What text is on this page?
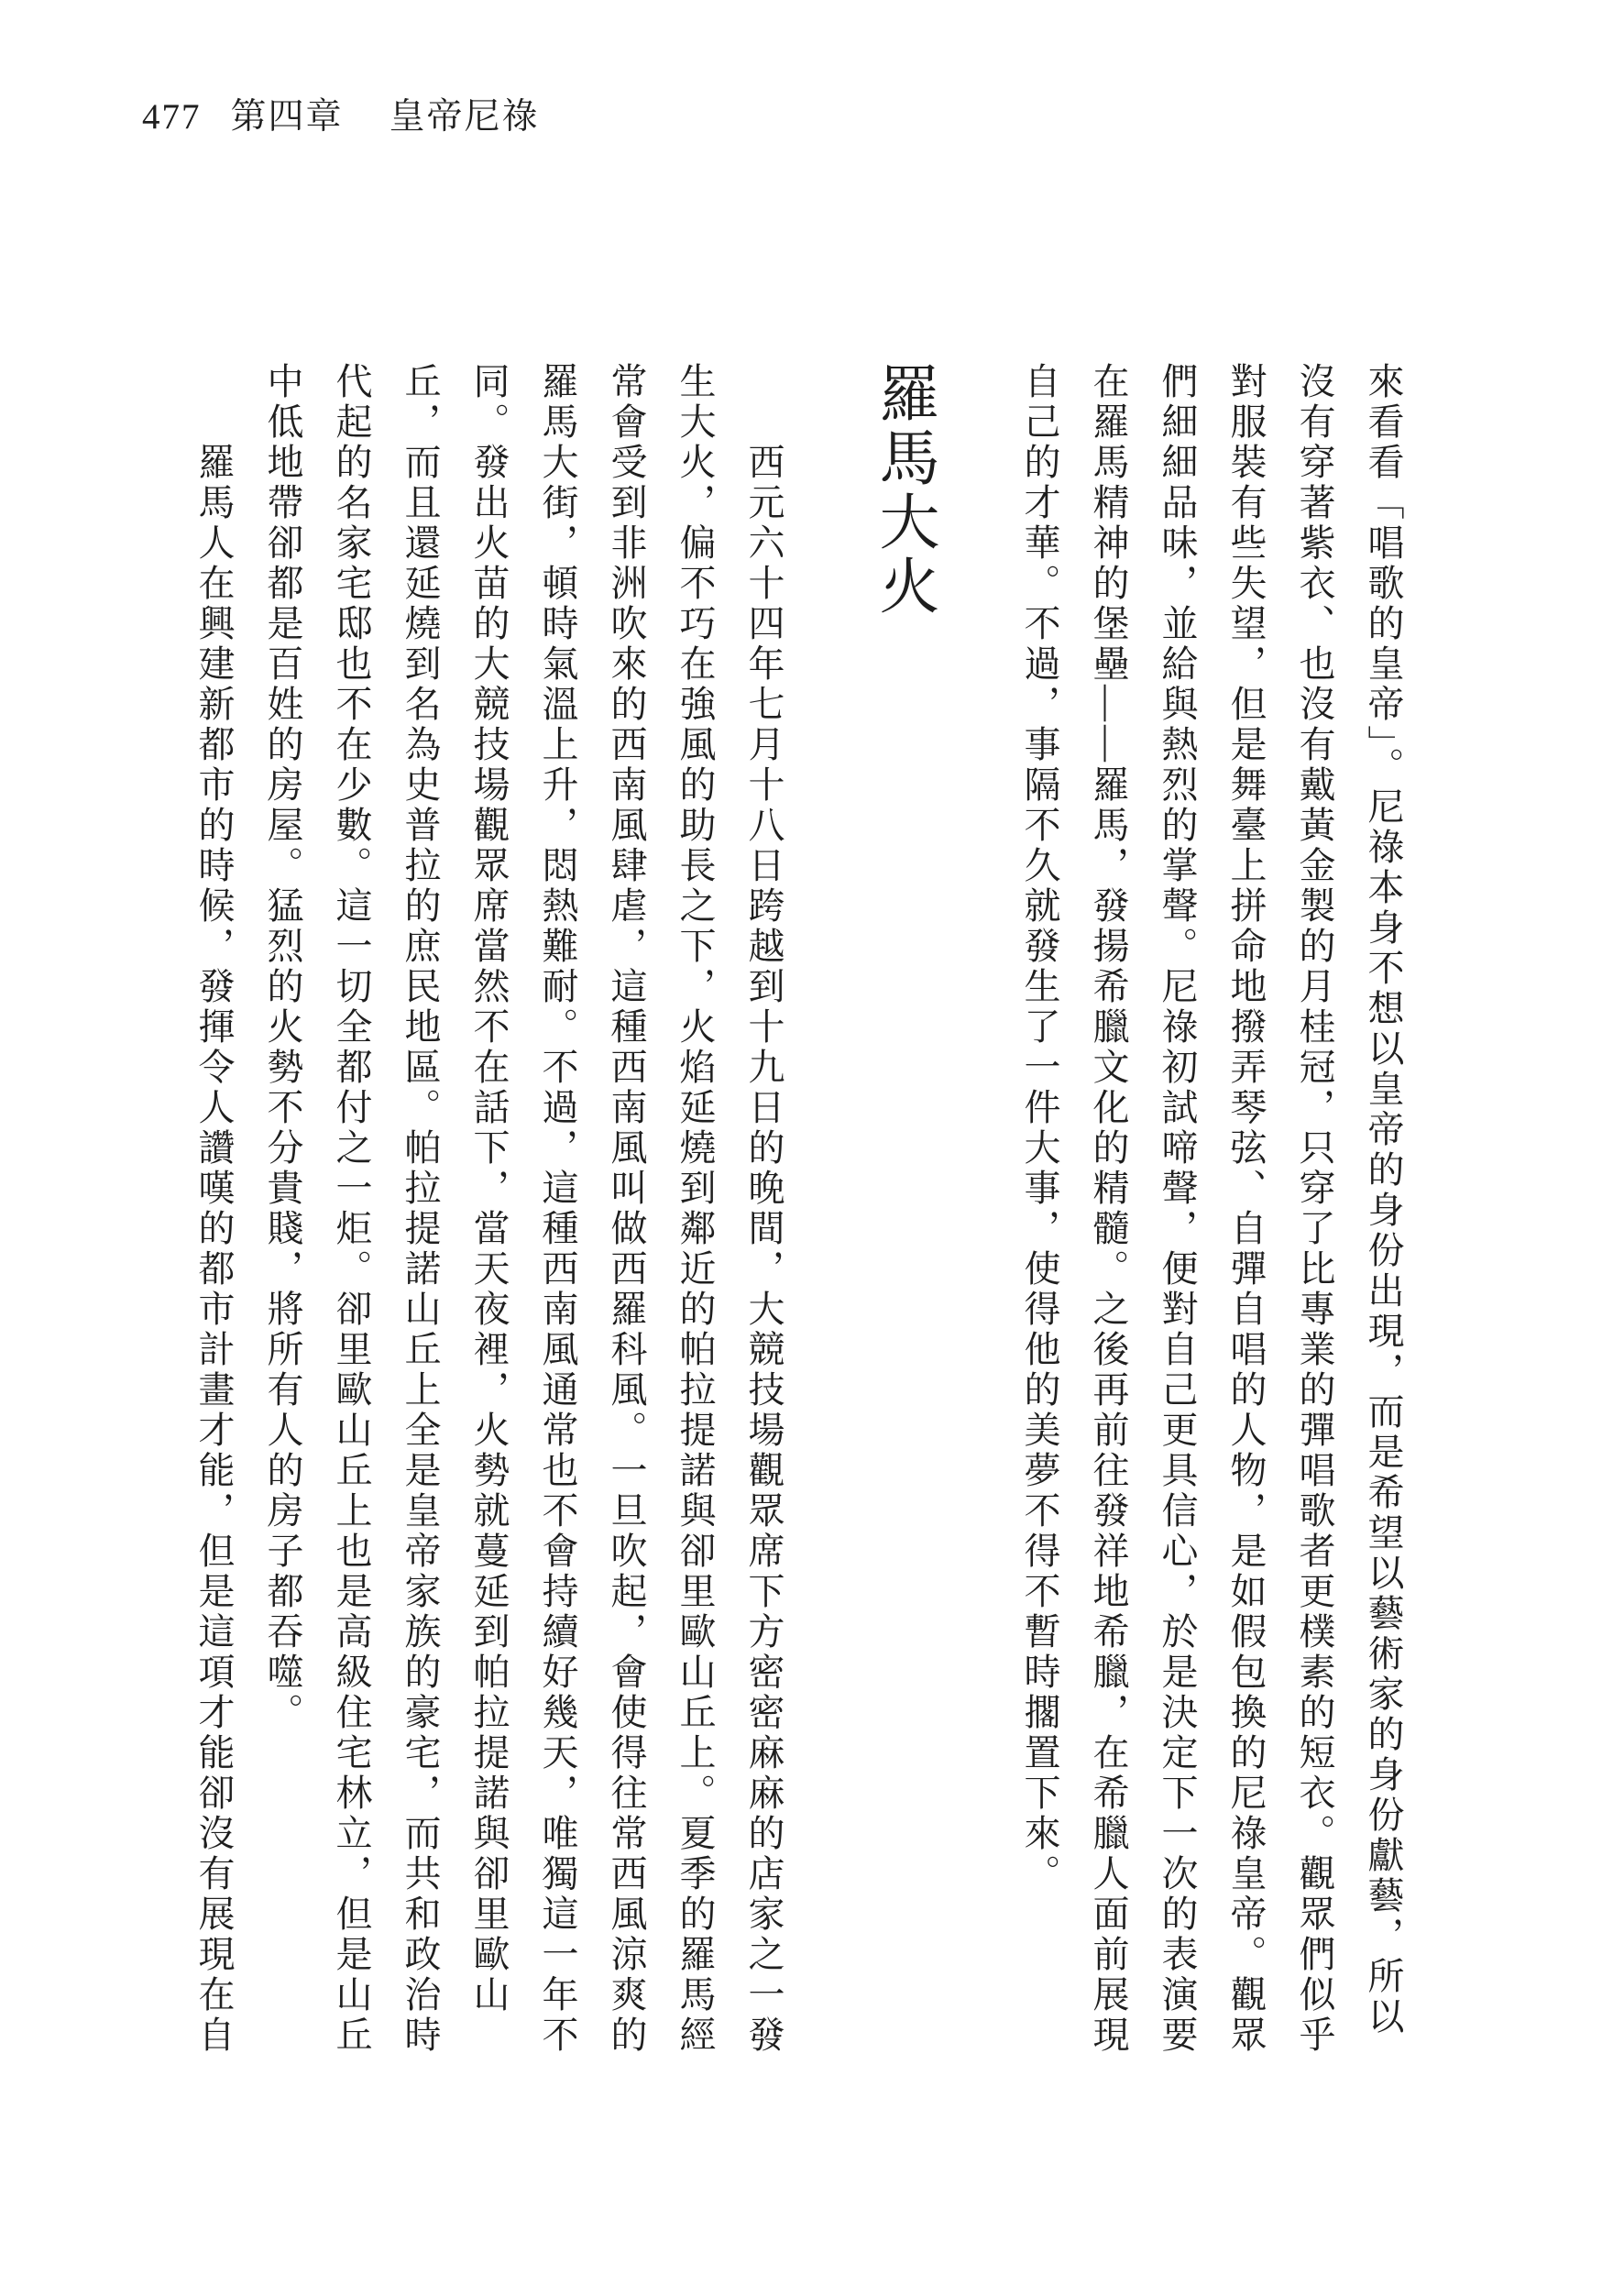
477 第四章 皇帝尼祿

來看看「唱歌的皇帝」。尼祿本身不想以皇帝的身份出現，而是希望以藝術家的身份獻藝，所以沒有穿著紫衣、也沒有戴黃金製的月桂冠，只穿了比專業的彈唱歌者更樸素的短衣。觀眾們似乎對服裝有些失望，但是舞臺上拼命地撥弄琴弦、自彈自唱的人物，是如假包換的尼祿皇帝。觀眾們細細品味，並給與熱烈的掌聲。尼祿初試啼聲，便對自己更具信心，於是決定下一次的表演要在羅馬精神的堡壘——羅馬，發揚希臘文化的精髓。之後再前往發祥地希臘，在希臘人面前展現自己的才華。不過，事隔不久就發生了一件大事，使得他的美夢不得不暫時擱置下來。

羅馬大火

西元六十四年七月十八日跨越到十九日的晚間，大競技場觀眾席下方密密麻麻的店家之一發生大火，偏不巧在強風的助長之下，火焰延燒到鄰近的帕拉提諾與卻里歐山丘上。夏季的羅馬經常會受到非洲吹來的西南風肆虐，這種西南風叫做西羅科風。一旦吹起，會使得往常西風涼爽的羅馬大街，頓時氣溫上升，悶熱難耐。不過，這種西南風通常也不會持續好幾天，唯獨這一年不同。發出火苗的大競技場觀眾席當然不在話下，當天夜裡，火勢就蔓延到帕拉提諾與卻里歐山丘，而且還延燒到名為史普拉的庶民地區。帕拉提諾山丘上全是皇帝家族的豪宅，而共和政治時代起的名家宅邸也不在少數。這一切全都付之一炬。卻里歐山丘上也是高級住宅林立，但是山丘中低地帶卻都是百姓的房屋。猛烈的火勢不分貴賤，將所有人的房子都吞噬。

羅馬人在興建新都市的時候，發揮令人讚嘆的都市計畫才能，但是這項才能卻沒有展現在自
